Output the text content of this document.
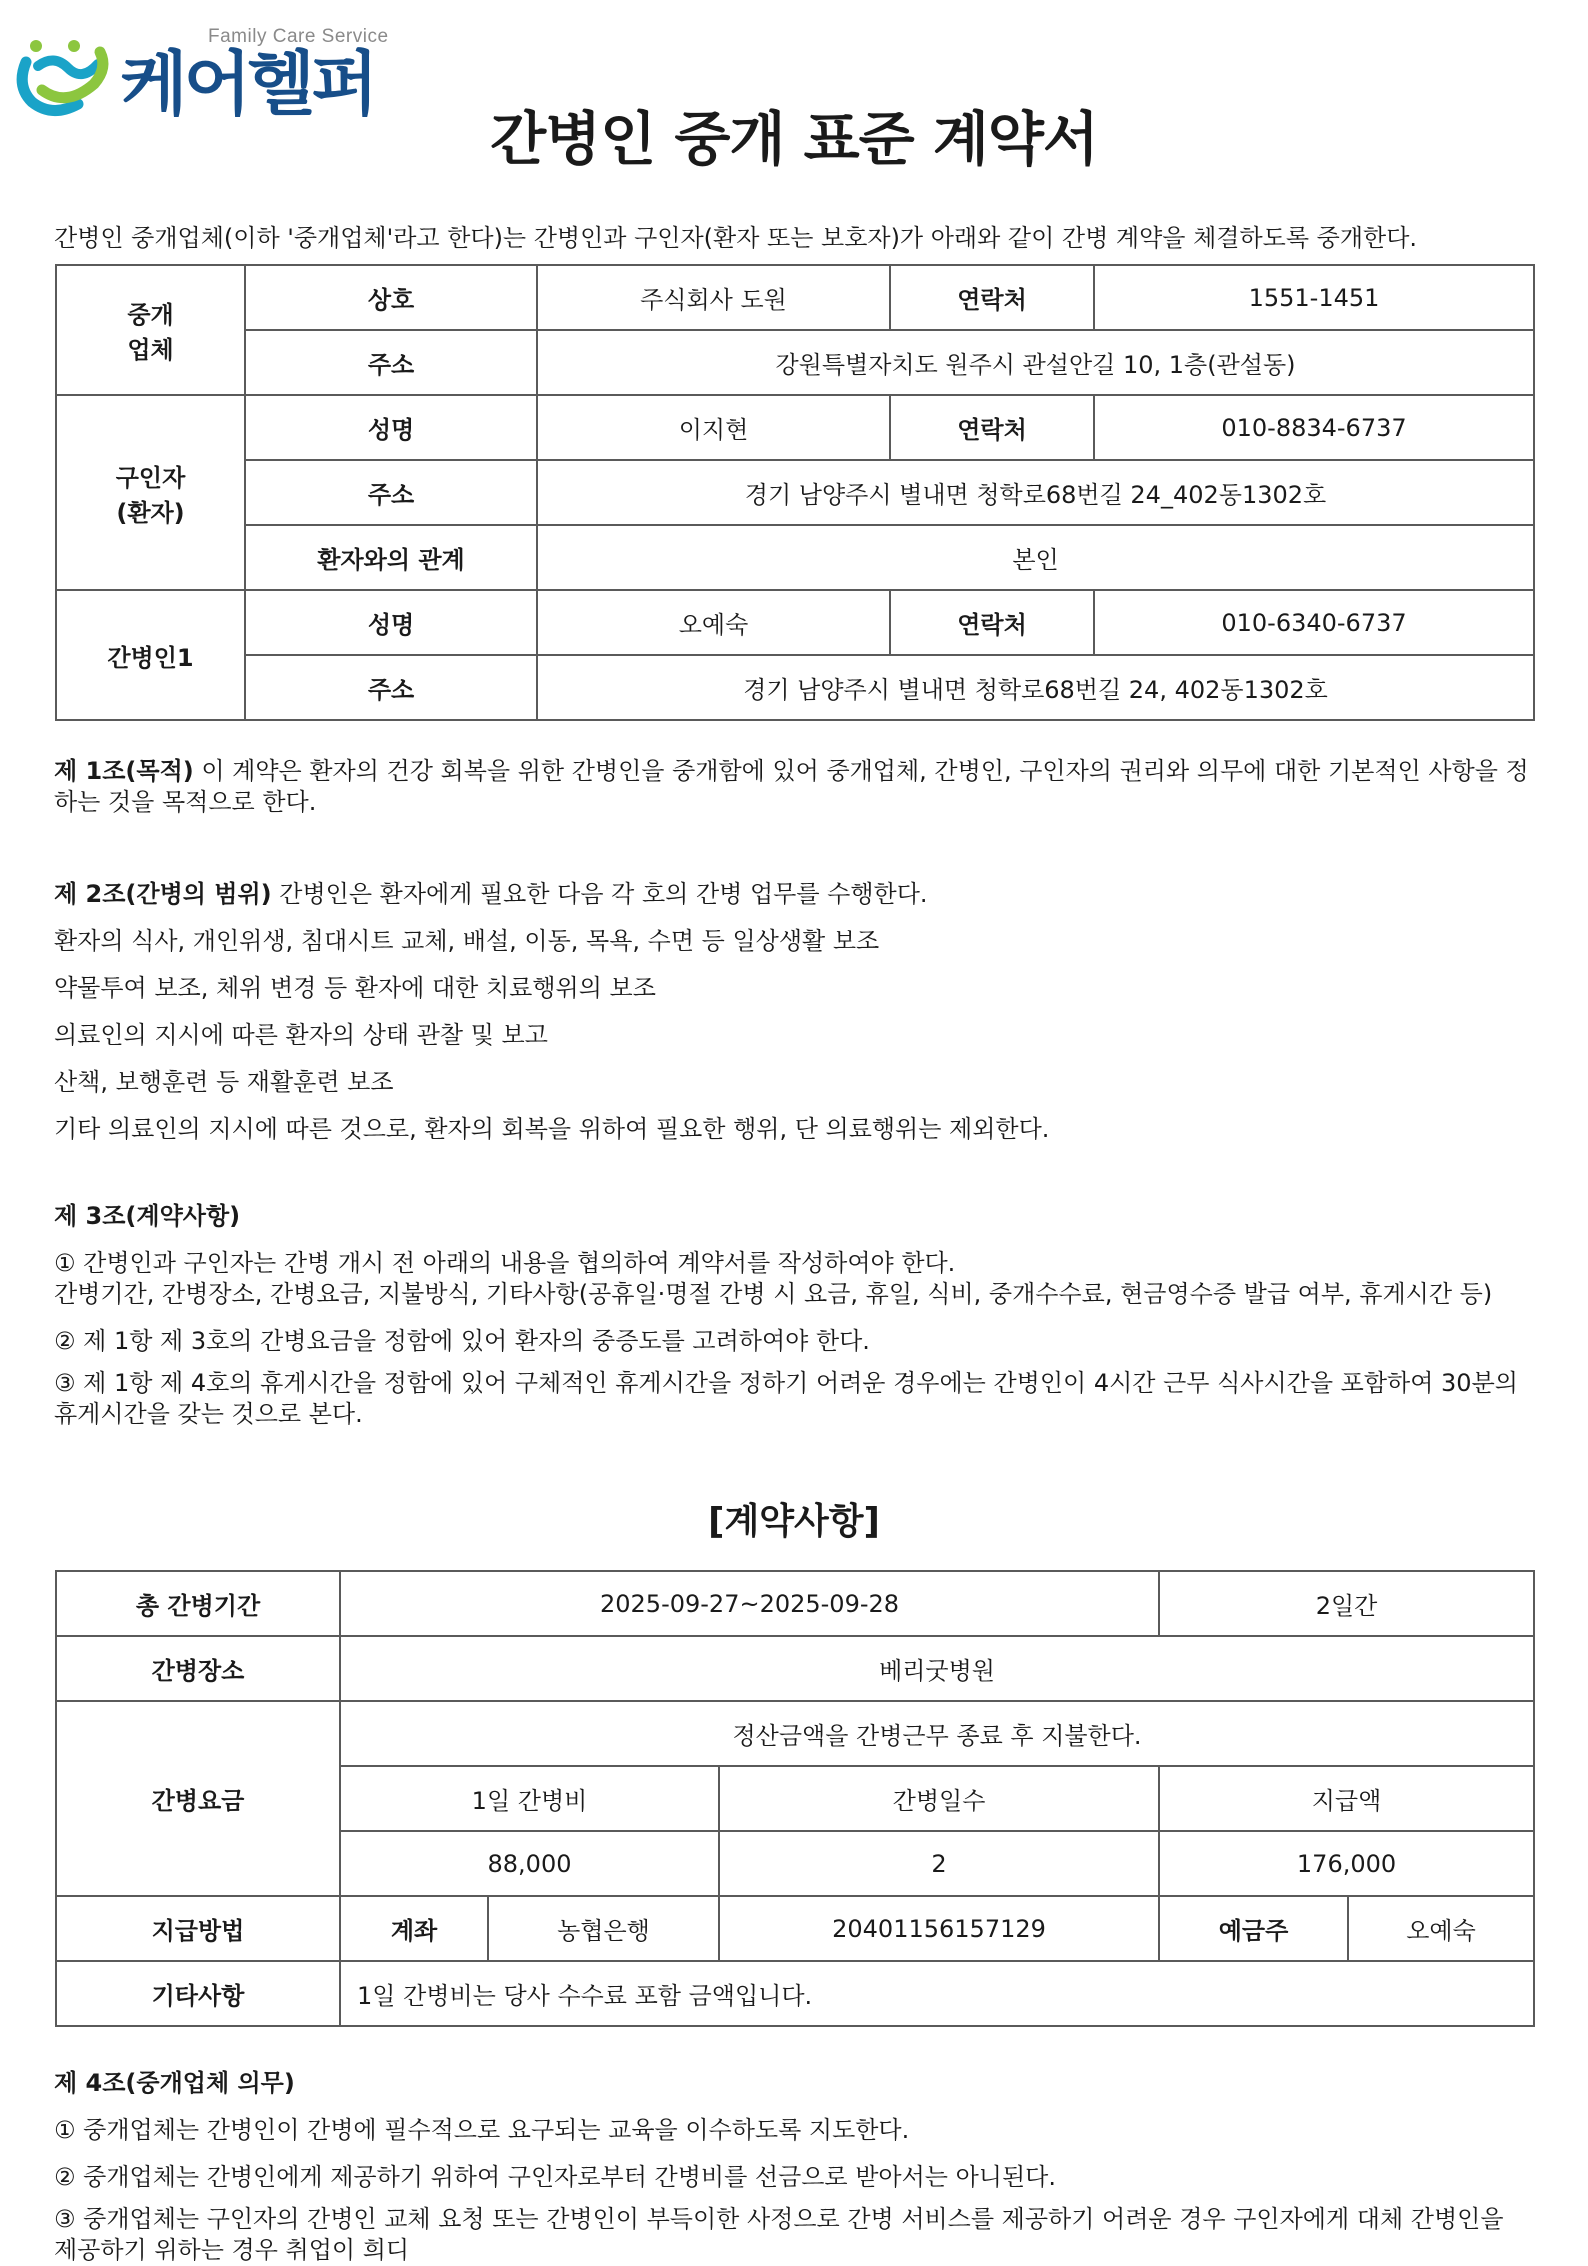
Family Care Service
케어헬퍼
간병인 중개 표준 계약서
간병인 중개업체(이하 '중개업체'라고 한다)는 간병인과 구인자(환자 또는 보호자)가 아래와 같이 간병 계약을 체결하도록 중개한다.
중개
업체	상호	주식회사 도원	연락처	1551-1451
	주소	강원특별자치도 원주시 관설안길 10, 1층(관설동)		
구인자
(환자)	성명	이지현	연락처	010-8834-6737
	주소	경기 남양주시 별내면 청학로68번길 24_402동1302호		
	환자와의 관계	본인		
간병인1	성명	오예숙	연락처	010-6340-6737
	주소	경기 남양주시 별내면 청학로68번길 24, 402동1302호		

제 1조(목적) 이 계약은 환자의 건강 회복을 위한 간병인을 중개함에 있어 중개업체, 간병인, 구인자의 권리와 의무에 대한 기본적인 사항을 정하는 것을 목적으로 한다.

제 2조(간병의 범위) 간병인은 환자에게 필요한 다음 각 호의 간병 업무를 수행한다.
환자의 식사, 개인위생, 침대시트 교체, 배설, 이동, 목욕, 수면 등 일상생활 보조
약물투여 보조, 체위 변경 등 환자에 대한 치료행위의 보조
의료인의 지시에 따른 환자의 상태 관찰 및 보고
산책, 보행훈련 등 재활훈련 보조
기타 의료인의 지시에 따른 것으로, 환자의 회복을 위하여 필요한 행위, 단 의료행위는 제외한다.
제 3조(계약사항)
① 간병인과 구인자는 간병 개시 전 아래의 내용을 협의하여 계약서를 작성하여야 한다.
간병기간, 간병장소, 간병요금, 지불방식, 기타사항(공휴일·명절 간병 시 요금, 휴일, 식비, 중개수수료, 현금영수증 발급 여부, 휴게시간 등)
② 제 1항 제 3호의 간병요금을 정함에 있어 환자의 중증도를 고려하여야 한다.

③ 제 1항 제 4호의 휴게시간을 정함에 있어 구체적인 휴게시간을 정하기 어려운 경우에는 간병인이 4시간 근무 식사시간을 포함하여 30분의 휴게시간을 갖는 것으로 본다.

[계약사항]
총 간병기간	2025-09-27~2025-09-28			2일간	
간병장소	베리굿병원				
간병요금	정산금액을 간병근무 종료 후 지불한다.				
	1일 간병비		간병일수	지급액	
	88,000		2	176,000	
지급방법	계좌	농협은행	20401156157129	예금주	오예숙
기타사항	1일 간병비는 당사 수수료 포함 금액입니다.				
제 4조(중개업체 의무)
① 중개업체는 간병인이 간병에 필수적으로 요구되는 교육을 이수하도록 지도한다.
② 중개업체는 간병인에게 제공하기 위하여 구인자로부터 간병비를 선금으로 받아서는 아니된다.

③ 중개업체는 구인자의 간병인 교체 요청 또는 간병인이 부득이한 사정으로 간병 서비스를 제공하기 어려운 경우 구인자에게 대체 간병인을 제공하기 위하는 경우 취업이 희디
